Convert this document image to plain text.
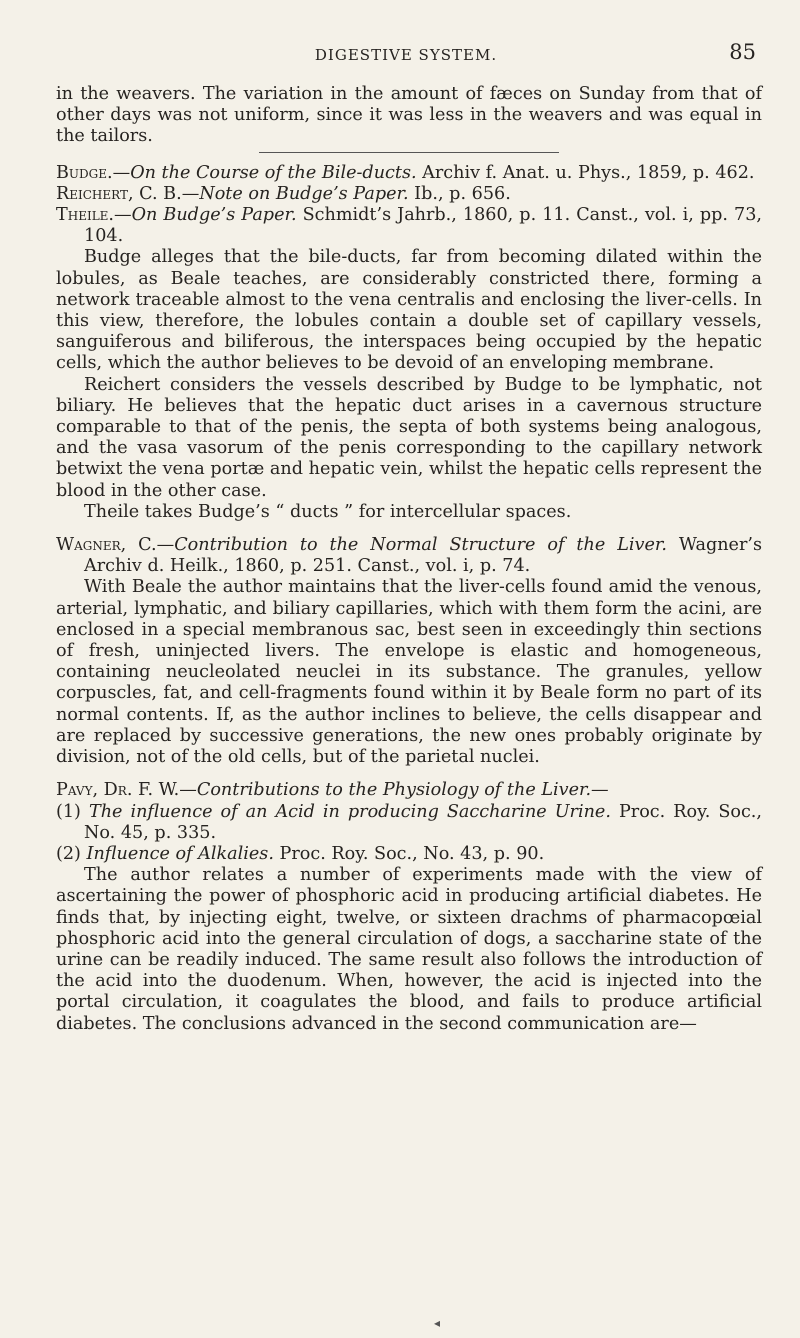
DIGESTIVE SYSTEM.	85

in the weavers. The variation in the amount of fæces on Sunday from that of other days was not uniform, since it was less in the weavers and was equal in the tailors.

Budge.—On the Course of the Bile-ducts. Archiv f. Anat. u. Phys., 1859, p. 462.

Reichert, C. B.—Note on Budge’s Paper. Ib., p. 656.

Theile.—On Budge’s Paper. Schmidt’s Jahrb., 1860, p. 11. Canst., vol. i, pp. 73, 104.

Budge alleges that the bile-ducts, far from becoming dilated within the lobules, as Beale teaches, are considerably constricted there, forming a network traceable almost to the vena centralis and enclosing the liver-cells. In this view, therefore, the lobules contain a double set of capillary vessels, sanguiferous and biliferous, the interspaces being occupied by the hepatic cells, which the author believes to be devoid of an enveloping membrane.

Reichert considers the vessels described by Budge to be lymphatic, not biliary. He believes that the hepatic duct arises in a cavernous structure comparable to that of the penis, the septa of both systems being analogous, and the vasa vasorum of the penis corresponding to the capillary network betwixt the vena portæ and hepatic vein, whilst the hepatic cells represent the blood in the other case.

Theile takes Budge’s “ ducts ” for intercellular spaces.

Wagner, C.—Contribution to the Normal Structure of the Liver. Wagner’s Archiv d. Heilk., 1860, p. 251. Canst., vol. i, p. 74.

With Beale the author maintains that the liver-cells found amid the venous, arterial, lymphatic, and biliary capillaries, which with them form the acini, are enclosed in a special membranous sac, best seen in exceedingly thin sections of fresh, uninjected livers. The envelope is elastic and homogeneous, containing neucleolated neuclei in its substance. The granules, yellow corpuscles, fat, and cell-fragments found within it by Beale form no part of its normal contents. If, as the author inclines to believe, the cells disappear and are replaced by successive generations, the new ones probably originate by division, not of the old cells, but of the parietal nuclei.

Pavy, Dr. F. W.—Contributions to the Physiology of the Liver.—

(1) The influence of an Acid in producing Saccharine Urine. Proc. Roy. Soc., No. 45, p. 335.

(2) Influence of Alkalies. Proc. Roy. Soc., No. 43, p. 90.

The author relates a number of experiments made with the view of ascertaining the power of phosphoric acid in producing artificial diabetes. He finds that, by injecting eight, twelve, or sixteen drachms of pharmacopœial phosphoric acid into the general circulation of dogs, a saccharine state of the urine can be readily induced. The same result also follows the introduction of the acid into the duodenum. When, however, the acid is injected into the portal circulation, it coagulates the blood, and fails to produce artificial diabetes. The conclusions advanced in the second communication are—

◂
